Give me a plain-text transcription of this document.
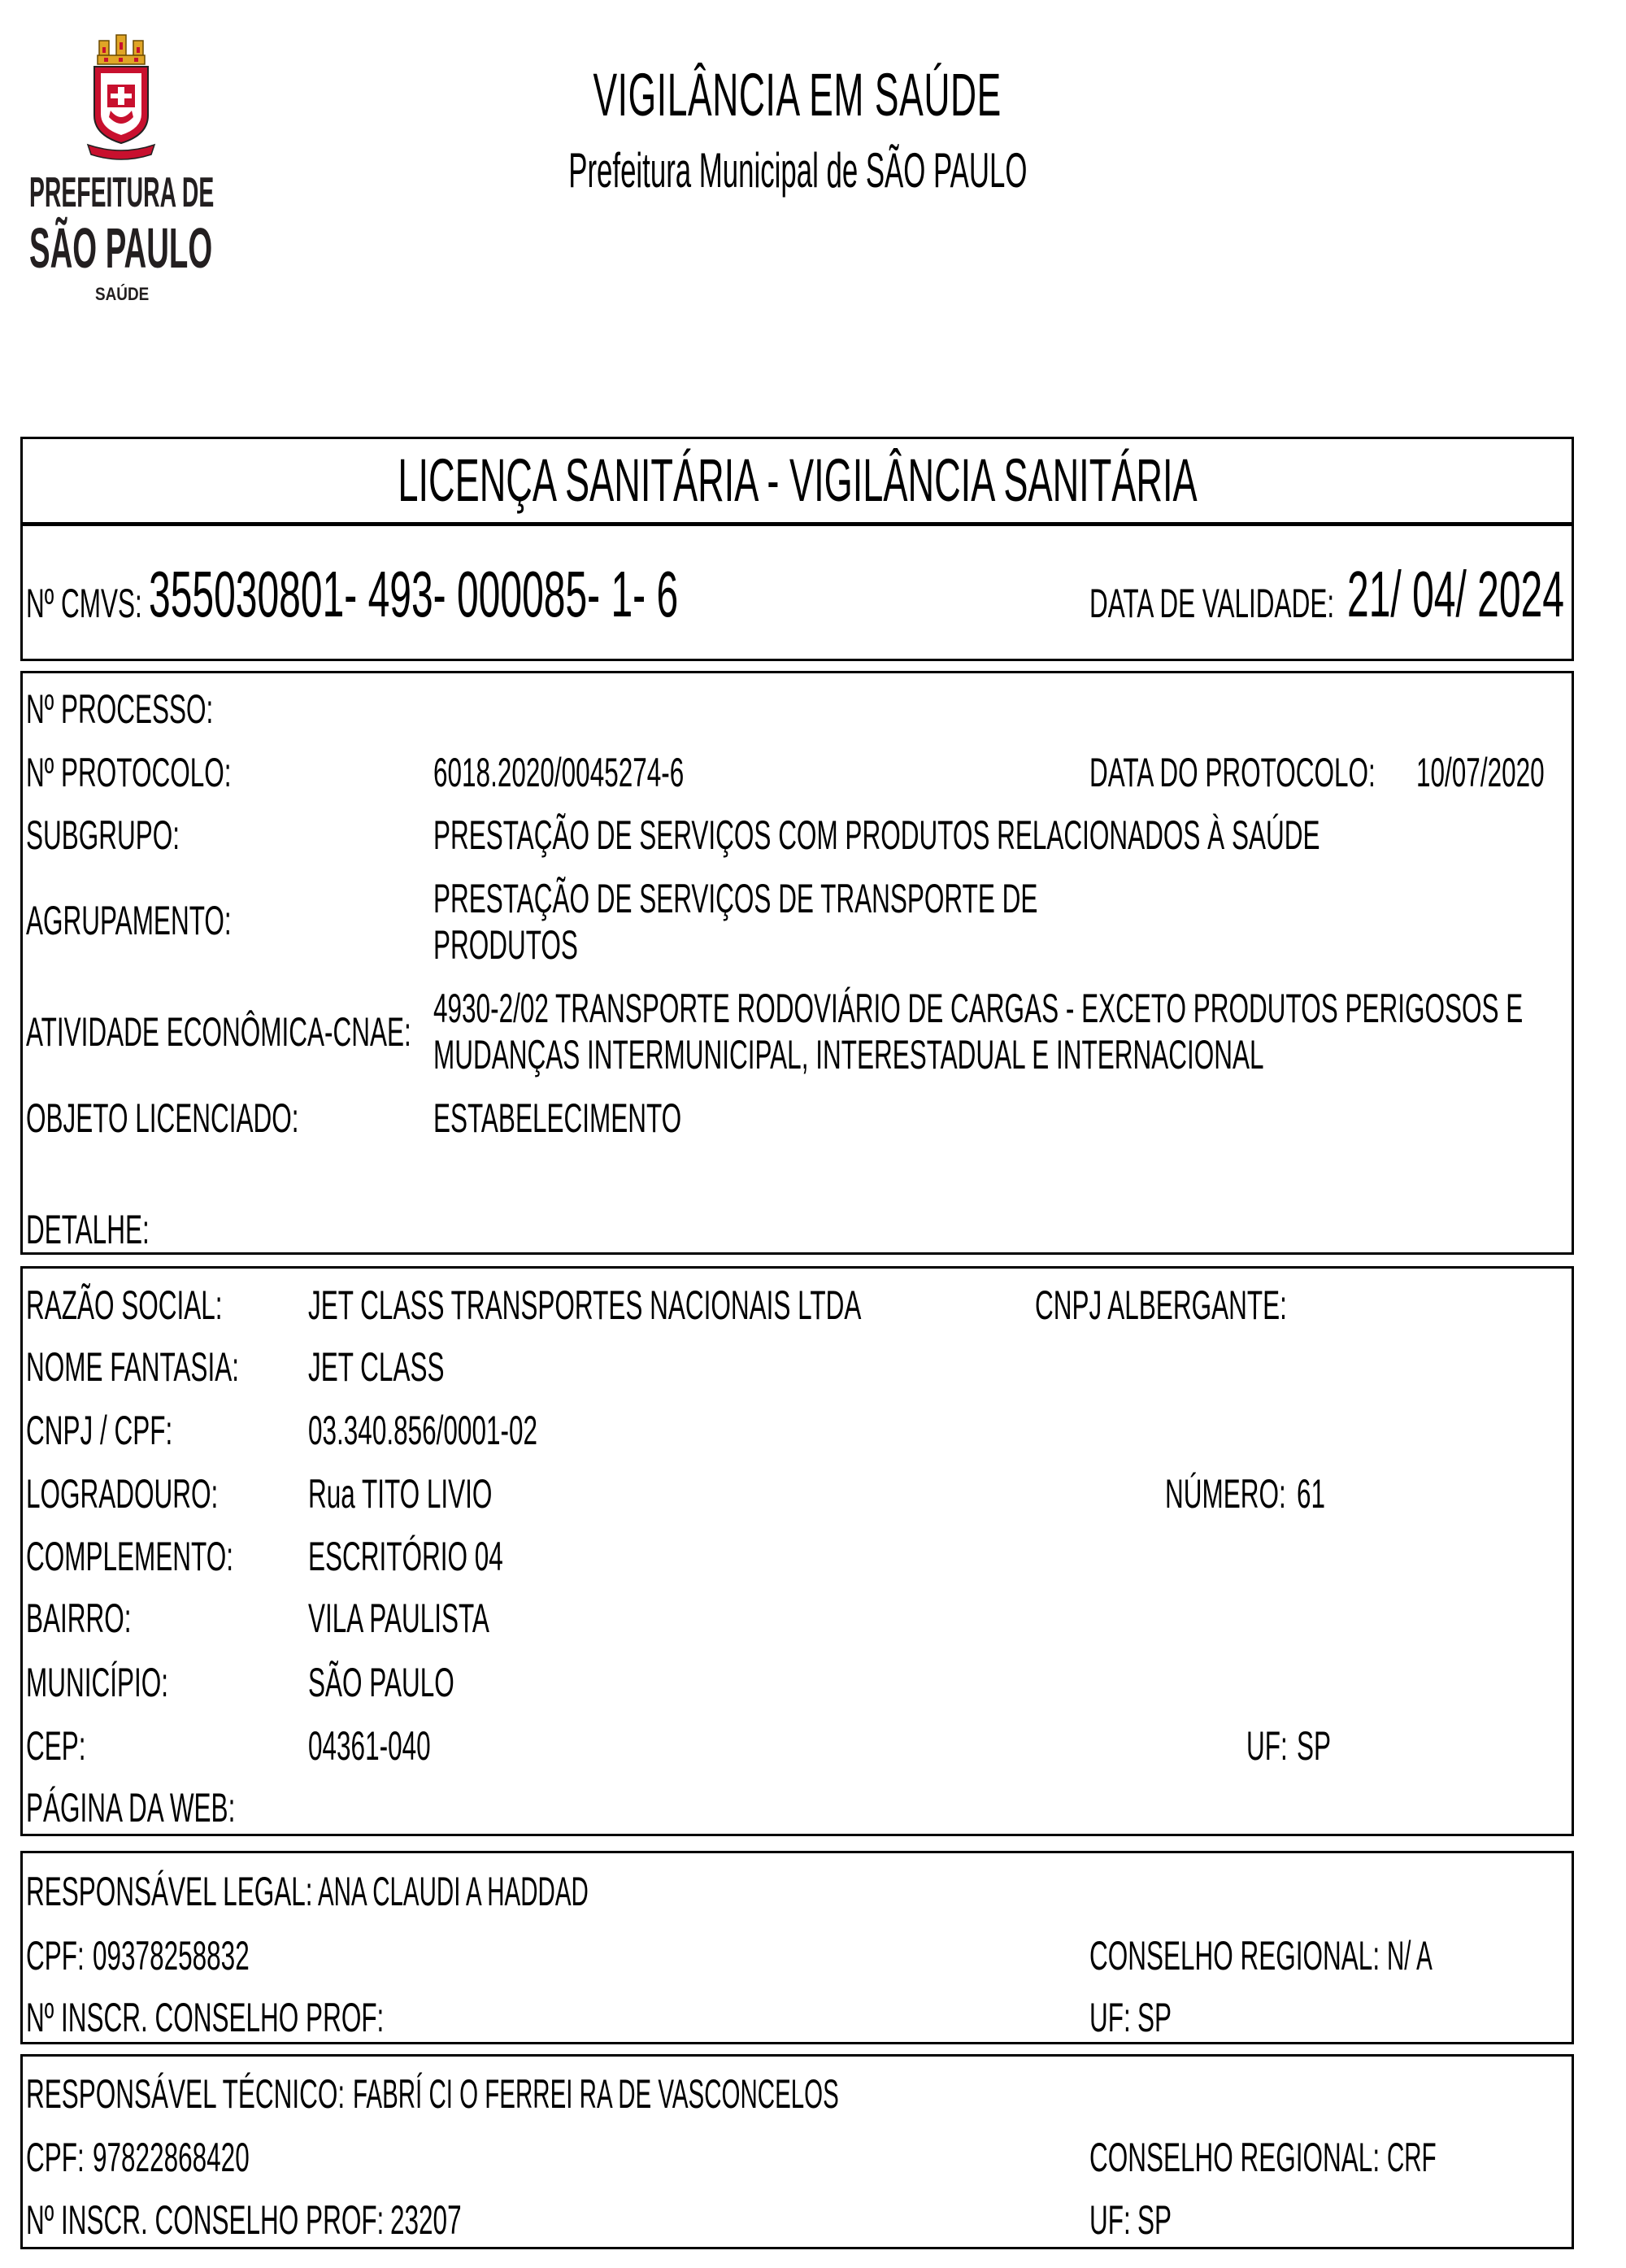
PREFEITURA DE
SÃO PAULO
SAÚDE
VIGILÂNCIA EM SAÚDE
Prefeitura Municipal de SÃO PAULO
LICENÇA SANITÁRIA - VIGILÂNCIA SANITÁRIA
Nº CMVS: 355030801- 493- 000085- 1- 6	DATA DE VALIDADE: 21/ 04/ 2024
Nº PROCESSO:
Nº PROTOCOLO:	6018.2020/0045274-6	DATA DO PROTOCOLO: 10/07/2020
SUBGRUPO:	PRESTAÇÃO DE SERVIÇOS COM PRODUTOS RELACIONADOS À SAÚDE
AGRUPAMENTO:	PRESTAÇÃO DE SERVIÇOS DE TRANSPORTE DE
PRODUTOS
ATIVIDADE ECONÔMICA-CNAE:
4930-2/02 TRANSPORTE RODOVIÁRIO DE CARGAS - EXCETO PRODUTOS PERIGOSOS E
MUDANÇAS INTERMUNICIPAL, INTERESTADUAL E INTERNACIONAL
OBJETO LICENCIADO:	ESTABELECIMENTO
DETALHE:
RAZÃO SOCIAL: JET CLASS TRANSPORTES NACIONAIS LTDA	CNPJ ALBERGANTE:
NOME FANTASIA: JET CLASS
CNPJ / CPF:	03.340.856/0001-02
LOGRADOURO: Rua TITO LIVIO	NÚMERO: 61
COMPLEMENTO: ESCRITÓRIO 04
BAIRRO:	VILA PAULISTA
MUNICÍPIO:	SÃO PAULO
CEP:	04361-040	UF: SP
PÁGINA DA WEB:
RESPONSÁVEL LEGAL: ANA CLAUDI A HADDAD
CPF: 09378258832	CONSELHO REGIONAL: N/ A
Nº INSCR. CONSELHO PROF:	UF: SP
RESPONSÁVEL TÉCNICO: FABRÍ CI O FERREI RA DE VASCONCELOS
CPF: 97822868420	CONSELHO REGIONAL: CRF
Nº INSCR. CONSELHO PROF: 23207	UF: SP
